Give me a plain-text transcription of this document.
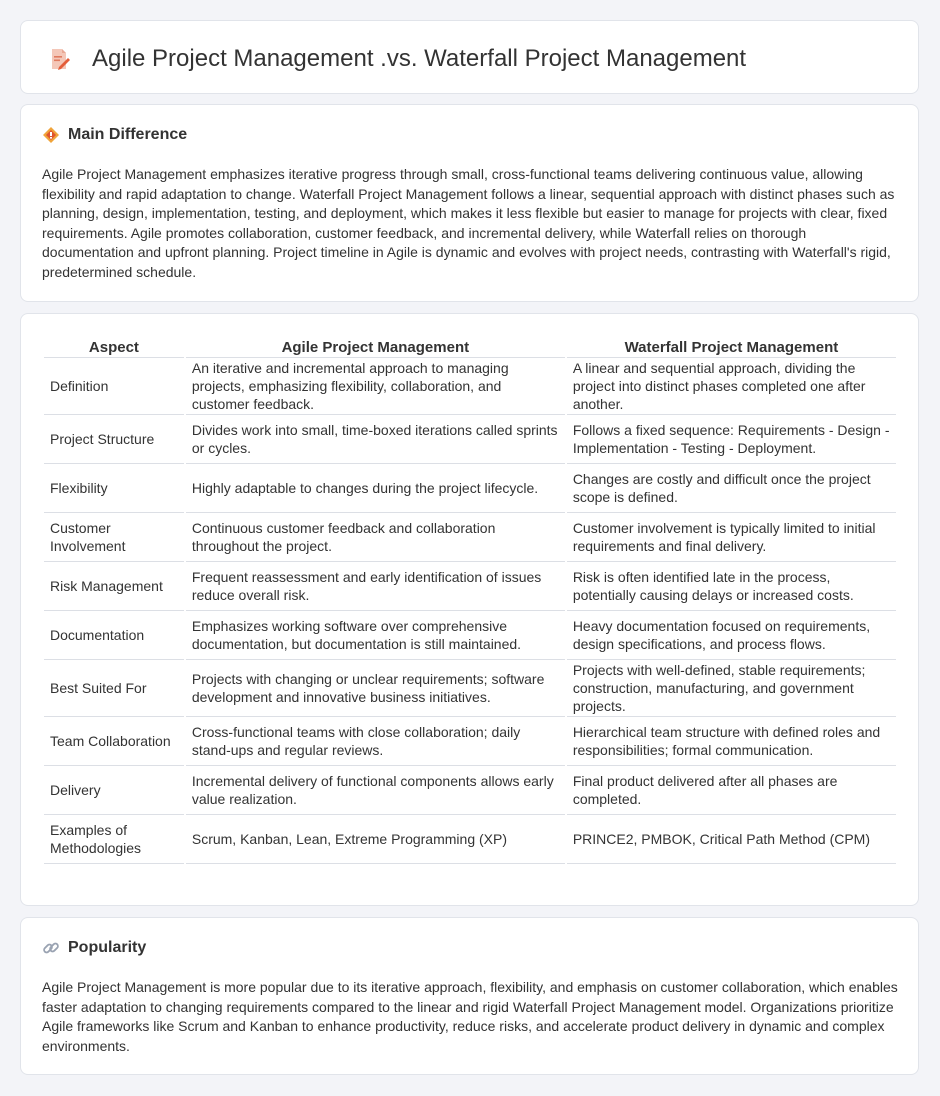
Agile Project Management .vs. Waterfall Project Management
Main Difference

Agile Project Management emphasizes iterative progress through small, cross-functional teams delivering continuous value, allowing flexibility and rapid adaptation to change. Waterfall Project Management follows a linear, sequential approach with distinct phases such as planning, design, implementation, testing, and deployment, which makes it less flexible but easier to manage for projects with clear, fixed requirements. Agile promotes collaboration, customer feedback, and incremental delivery, while Waterfall relies on thorough documentation and upfront planning. Project timeline in Agile is dynamic and evolves with project needs, contrasting with Waterfall's rigid, predetermined schedule.

Aspect	Agile Project Management	Waterfall Project Management
Definition	An iterative and incremental approach to managing projects, emphasizing flexibility, collaboration, and customer feedback.	A linear and sequential approach, dividing the project into distinct phases completed one after another.
Project Structure	Divides work into small, time-boxed iterations called sprints or cycles.	Follows a fixed sequence: Requirements - Design - Implementation - Testing - Deployment.
Flexibility	Highly adaptable to changes during the project lifecycle.	Changes are costly and difficult once the project scope is defined.
Customer Involvement	Continuous customer feedback and collaboration throughout the project.	Customer involvement is typically limited to initial requirements and final delivery.
Risk Management	Frequent reassessment and early identification of issues reduce overall risk.	Risk is often identified late in the process, potentially causing delays or increased costs.
Documentation	Emphasizes working software over comprehensive documentation, but documentation is still maintained.	Heavy documentation focused on requirements, design specifications, and process flows.
Best Suited For	Projects with changing or unclear requirements; software development and innovative business initiatives.	Projects with well-defined, stable requirements; construction, manufacturing, and government projects.
Team Collaboration	Cross-functional teams with close collaboration; daily stand-ups and regular reviews.	Hierarchical team structure with defined roles and responsibilities; formal communication.
Delivery	Incremental delivery of functional components allows early value realization.	Final product delivered after all phases are completed.
Examples of Methodologies	Scrum, Kanban, Lean, Extreme Programming (XP)	PRINCE2, PMBOK, Critical Path Method (CPM)
Popularity

Agile Project Management is more popular due to its iterative approach, flexibility, and emphasis on customer collaboration, which enables faster adaptation to changing requirements compared to the linear and rigid Waterfall Project Management model. Organizations prioritize Agile frameworks like Scrum and Kanban to enhance productivity, reduce risks, and accelerate product delivery in dynamic and complex environments.
